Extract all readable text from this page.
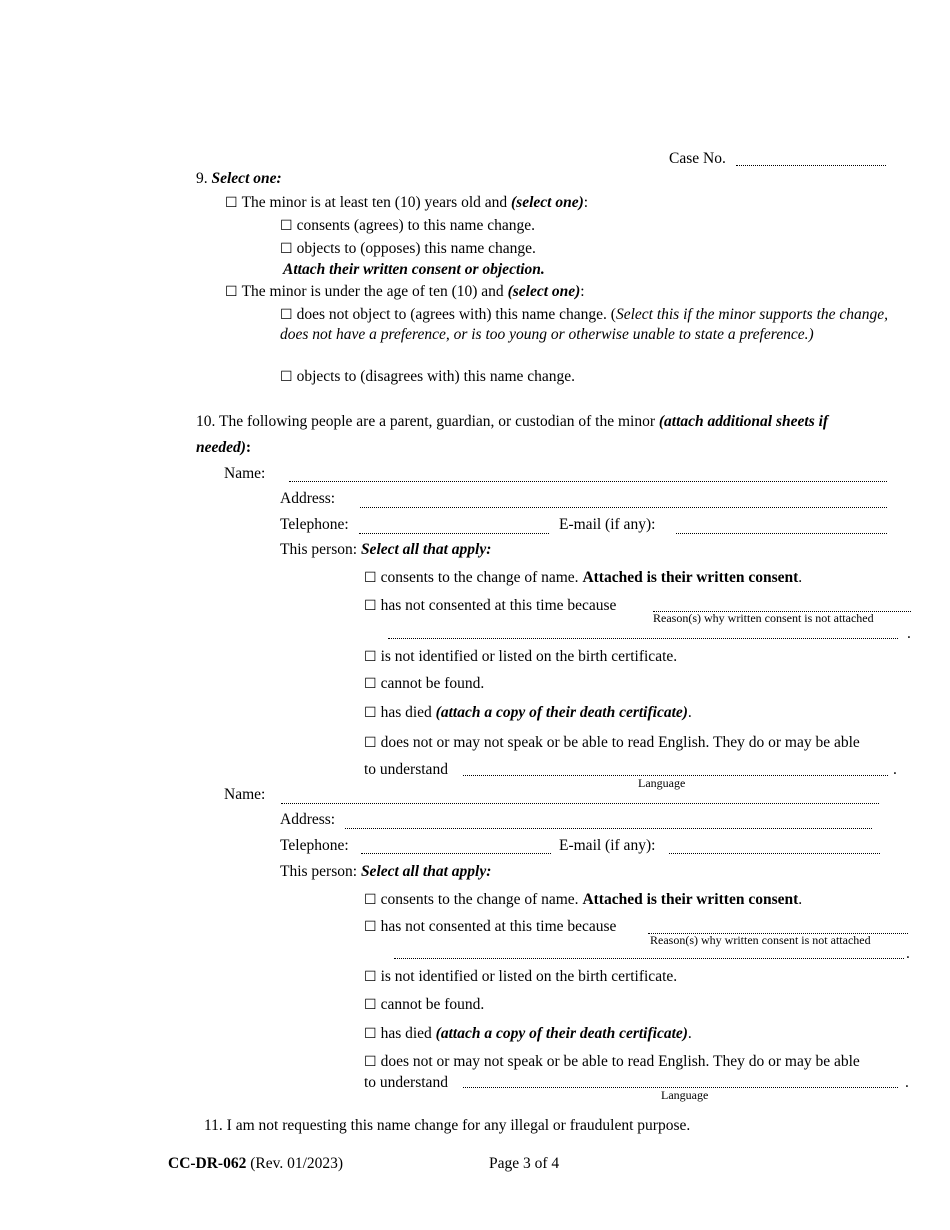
Case No.
9. Select one:
☐ The minor is at least ten (10) years old and (select one):
☐ consents (agrees) to this name change.
☐ objects to (opposes) this name change.
Attach their written consent or objection.
☐ The minor is under the age of ten (10) and (select one):
☐ does not object to (agrees with) this name change. (Select this if the minor supports the change, does not have a preference, or is too young or otherwise unable to state a preference.)
☐ objects to (disagrees with) this name change.
10. The following people are a parent, guardian, or custodian of the minor (attach additional sheets if
needed):
Name:
Address:
Telephone:	E-mail (if any):
This person: Select all that apply:
☐ consents to the change of name. Attached is their written consent.
☐ has not consented at this time because
Reason(s) why written consent is not attached
.
☐ is not identified or listed on the birth certificate.
☐ cannot be found.
☐ has died (attach a copy of their death certificate).
☐ does not or may not speak or be able to read English. They do or may be able
to understand	.
Language
Name:
Address:
Telephone:	E-mail (if any):
This person: Select all that apply:
☐ consents to the change of name. Attached is their written consent.
☐ has not consented at this time because
Reason(s) why written consent is not attached
.
☐ is not identified or listed on the birth certificate.
☐ cannot be found.
☐ has died (attach a copy of their death certificate).
☐ does not or may not speak or be able to read English. They do or may be able
to understand	.
Language
11. I am not requesting this name change for any illegal or fraudulent purpose.
CC-DR-062 (Rev. 01/2023)	Page 3 of 4
